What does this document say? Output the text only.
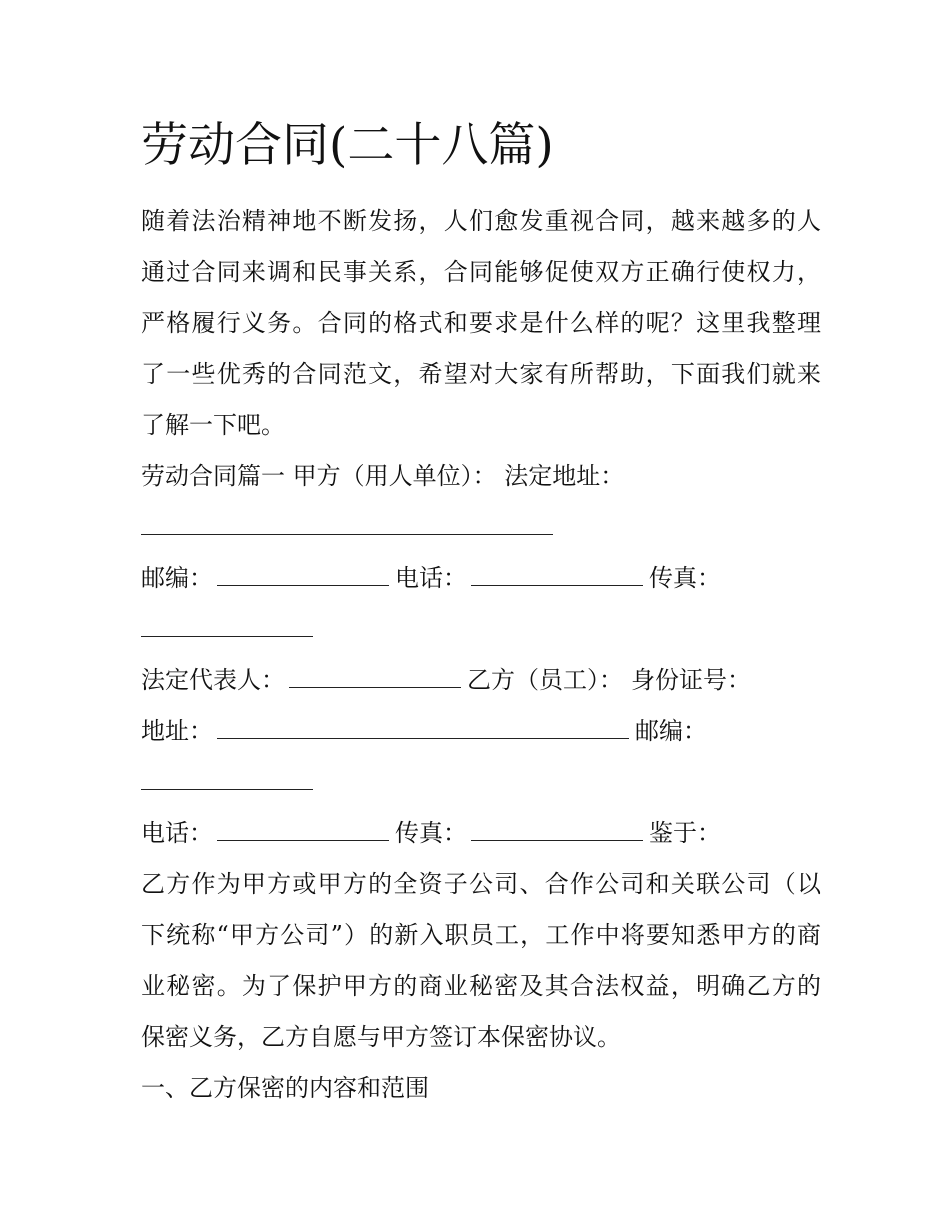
劳动合同(二十八篇)
随着法治精神地不断发扬，人们愈发重视合同，越来越多的人
通过合同来调和民事关系，合同能够促使双方正确行使权力，
严格履行义务。合同的格式和要求是什么样的呢？这里我整理
了一些优秀的合同范文，希望对大家有所帮助，下面我们就来
了解一下吧。
劳动合同篇一 甲方（用人单位）： 法定地址：
邮编：	电话：	传真：
法定代表人：	乙方（员工）： 身份证号：
地址：	邮编：
电话：	传真：	鉴于：
乙方作为甲方或甲方的全资子公司、合作公司和关联公司（以
下统称“甲方公司”）的新入职员工，工作中将要知悉甲方的商
业秘密。为了保护甲方的商业秘密及其合法权益，明确乙方的
保密义务，乙方自愿与甲方签订本保密协议。
一、乙方保密的内容和范围
